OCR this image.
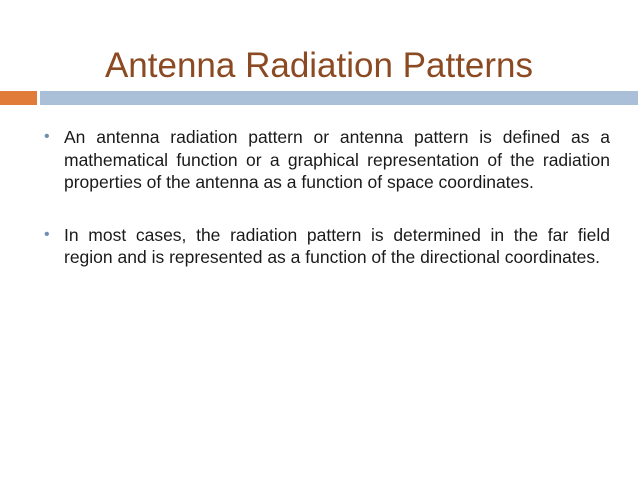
Antenna Radiation Patterns
• An antenna radiation pattern or antenna pattern is defined as a mathematical function or a graphical representation of the radiation properties of the antenna as a function of space coordinates.
• In most cases, the radiation pattern is determined in the far field region and is represented as a function of the directional coordinates.
